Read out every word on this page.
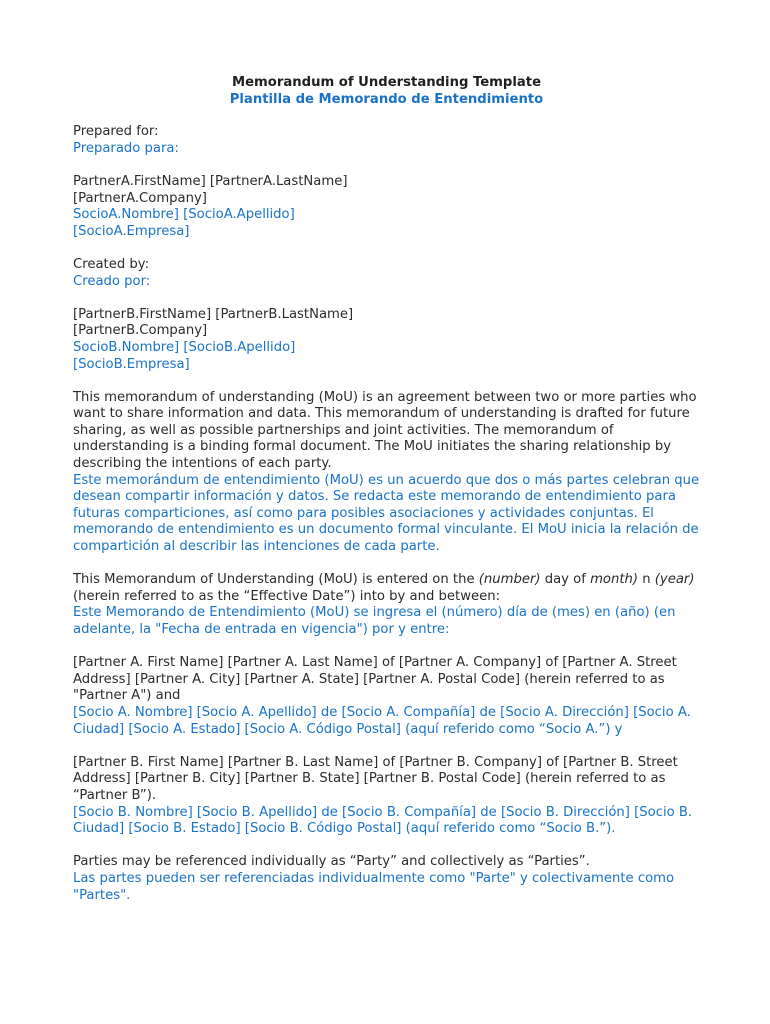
Memorandum of Understanding Template
Plantilla de Memorando de Entendimiento

Prepared for:

Preparado para:

PartnerA.FirstName] [PartnerA.LastName]

[PartnerA.Company]

SocioA.Nombre] [SocioA.Apellido]

[SocioA.Empresa]

Created by:

Creado por:

[PartnerB.FirstName] [PartnerB.LastName]

[PartnerB.Company]

SocioB.Nombre] [SocioB.Apellido]

[SocioB.Empresa]

This memorandum of understanding (MoU) is an agreement between two or more parties who want to share information and data. This memorandum of understanding is drafted for future sharing, as well as possible partnerships and joint activities. The memorandum of understanding is a binding formal document. The MoU initiates the sharing relationship by describing the intentions of each party.

Este memorándum de entendimiento (MoU) es un acuerdo que dos o más partes celebran que desean compartir información y datos. Se redacta este memorando de entendimiento para futuras comparticiones, así como para posibles asociaciones y actividades conjuntas. El memorando de entendimiento es un documento formal vinculante. El MoU inicia la relación de compartición al describir las intenciones de cada parte.

This Memorandum of Understanding (MoU) is entered on the (number) day of month) n (year) (herein referred to as the “Effective Date”) into by and between:

Este Memorando de Entendimiento (MoU) se ingresa el (número) día de (mes) en (año) (en adelante, la "Fecha de entrada en vigencia") por y entre:

[Partner A. First Name] [Partner A. Last Name] of [Partner A. Company] of [Partner A. Street Address] [Partner A. City] [Partner A. State] [Partner A. Postal Code] (herein referred to as "Partner A") and

[Socio A. Nombre] [Socio A. Apellido] de [Socio A. Compañía] de [Socio A. Dirección] [Socio A. Ciudad] [Socio A. Estado] [Socio A. Código Postal] (aquí referido como “Socio A.”) y

[Partner B. First Name] [Partner B. Last Name] of [Partner B. Company] of [Partner B. Street Address] [Partner B. City] [Partner B. State] [Partner B. Postal Code] (herein referred to as “Partner B”).

[Socio B. Nombre] [Socio B. Apellido] de [Socio B. Compañía] de [Socio B. Dirección] [Socio B. Ciudad] [Socio B. Estado] [Socio B. Código Postal] (aquí referido como “Socio B.”).

Parties may be referenced individually as “Party” and collectively as “Parties”.

Las partes pueden ser referenciadas individualmente como "Parte" y colectivamente como "Partes".
